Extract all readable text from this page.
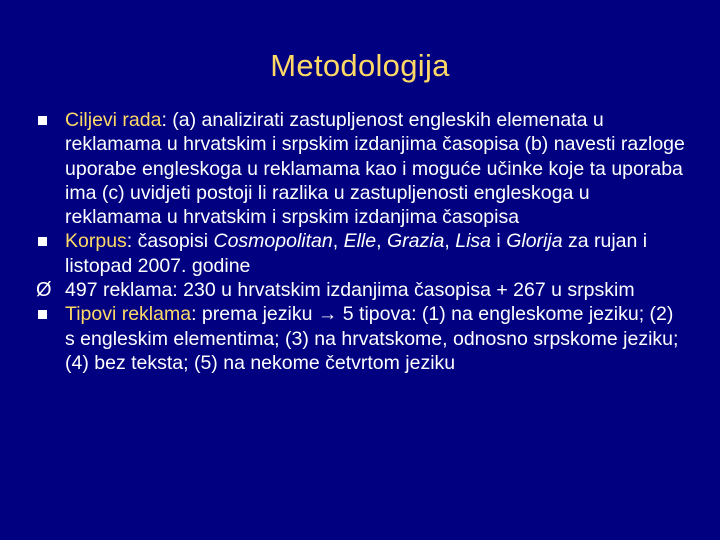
Metodologija
Ciljevi rada: (a) analizirati zastupljenost engleskih elemenata u reklamama u hrvatskim i srpskim izdanjima časopisa (b) navesti razloge uporabe engleskoga u reklamama kao i moguće učinke koje ta uporaba ima (c) uvidjeti postoji li razlika u zastupljenosti engleskoga u reklamama u hrvatskim i srpskim izdanjima časopisa
Korpus: časopisi Cosmopolitan, Elle, Grazia, Lisa i Glorija za rujan i listopad 2007. godine
Ø 497 reklama: 230 u hrvatskim izdanjima časopisa + 267 u srpskim
Tipovi reklama: prema jeziku → 5 tipova: (1) na engleskome jeziku; (2) s engleskim elementima; (3) na hrvatskome, odnosno srpskome jeziku; (4) bez teksta; (5) na nekome četvrtom jeziku
